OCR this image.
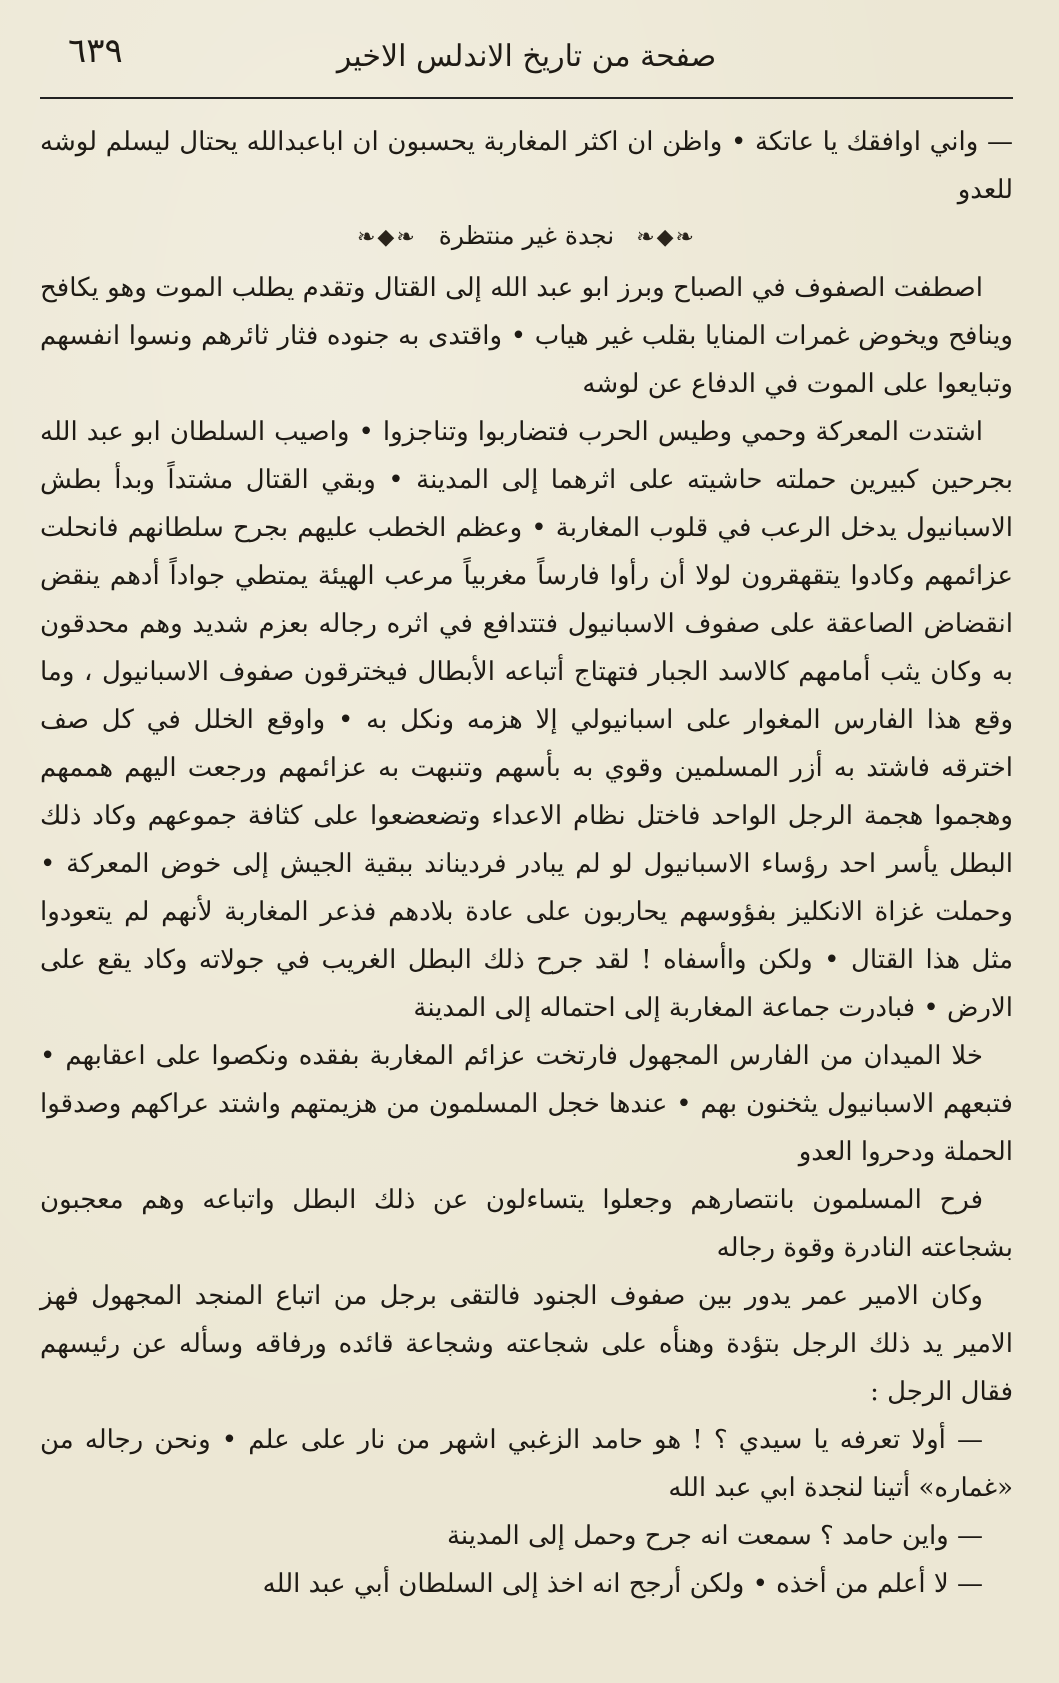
صفحة من تاريخ الاندلس الاخير
٦٣٩

— واني اوافقك يا عاتكة • واظن ان اكثر المغاربة يحسبون ان اباعبدالله يحتال ليسلم لوشه للعدو

❧◆❧ نجدة غير منتظرة ❧◆❧

اصطفت الصفوف في الصباح وبرز ابو عبد الله إلى القتال وتقدم يطلب الموت وهو يكافح وينافح ويخوض غمرات المنايا بقلب غير هياب • واقتدى به جنوده فثار ثائرهم ونسوا انفسهم وتبايعوا على الموت في الدفاع عن لوشه

اشتدت المعركة وحمي وطيس الحرب فتضاربوا وتناجزوا • واصيب السلطان ابو عبد الله بجرحين كبيرين حملته حاشيته على اثرهما إلى المدينة • وبقي القتال مشتداً وبدأ بطش الاسبانيول يدخل الرعب في قلوب المغاربة • وعظم الخطب عليهم بجرح سلطانهم فانحلت عزائمهم وكادوا يتقهقرون لولا أن رأوا فارساً مغربياً مرعب الهيئة يمتطي جواداً أدهم ينقض انقضاض الصاعقة على صفوف الاسبانيول فتتدافع في اثره رجاله بعزم شديد وهم محدقون به وكان يثب أمامهم كالاسد الجبار فتهتاج أتباعه الأبطال فيخترقون صفوف الاسبانيول ، وما وقع هذا الفارس المغوار على اسبانيولي إلا هزمه ونكل به • واوقع الخلل في كل صف اخترقه فاشتد به أزر المسلمين وقوي به بأسهم وتنبهت به عزائمهم ورجعت اليهم هممهم وهجموا هجمة الرجل الواحد فاختل نظام الاعداء وتضعضعوا على كثافة جموعهم وكاد ذلك البطل يأسر احد رؤساء الاسبانيول لو لم يبادر فرديناند ببقية الجيش إلى خوض المعركة • وحملت غزاة الانكليز بفؤوسهم يحاربون على عادة بلادهم فذعر المغاربة لأنهم لم يتعودوا مثل هذا القتال • ولكن واأسفاه ! لقد جرح ذلك البطل الغريب في جولاته وكاد يقع على الارض • فبادرت جماعة المغاربة إلى احتماله إلى المدينة

خلا الميدان من الفارس المجهول فارتخت عزائم المغاربة بفقده ونكصوا على اعقابهم • فتبعهم الاسبانيول يثخنون بهم • عندها خجل المسلمون من هزيمتهم واشتد عراكهم وصدقوا الحملة ودحروا العدو

فرح المسلمون بانتصارهم وجعلوا يتساءلون عن ذلك البطل واتباعه وهم معجبون بشجاعته النادرة وقوة رجاله

وكان الامير عمر يدور بين صفوف الجنود فالتقى برجل من اتباع المنجد المجهول فهز الامير يد ذلك الرجل بتؤدة وهنأه على شجاعته وشجاعة قائده ورفاقه وسأله عن رئيسهم فقال الرجل :

— أولا تعرفه يا سيدي ؟ ! هو حامد الزغبي اشهر من نار على علم • ونحن رجاله من «غماره» أتينا لنجدة ابي عبد الله

— واين حامد ؟ سمعت انه جرح وحمل إلى المدينة

— لا أعلم من أخذه • ولكن أرجح انه اخذ إلى السلطان أبي عبد الله
